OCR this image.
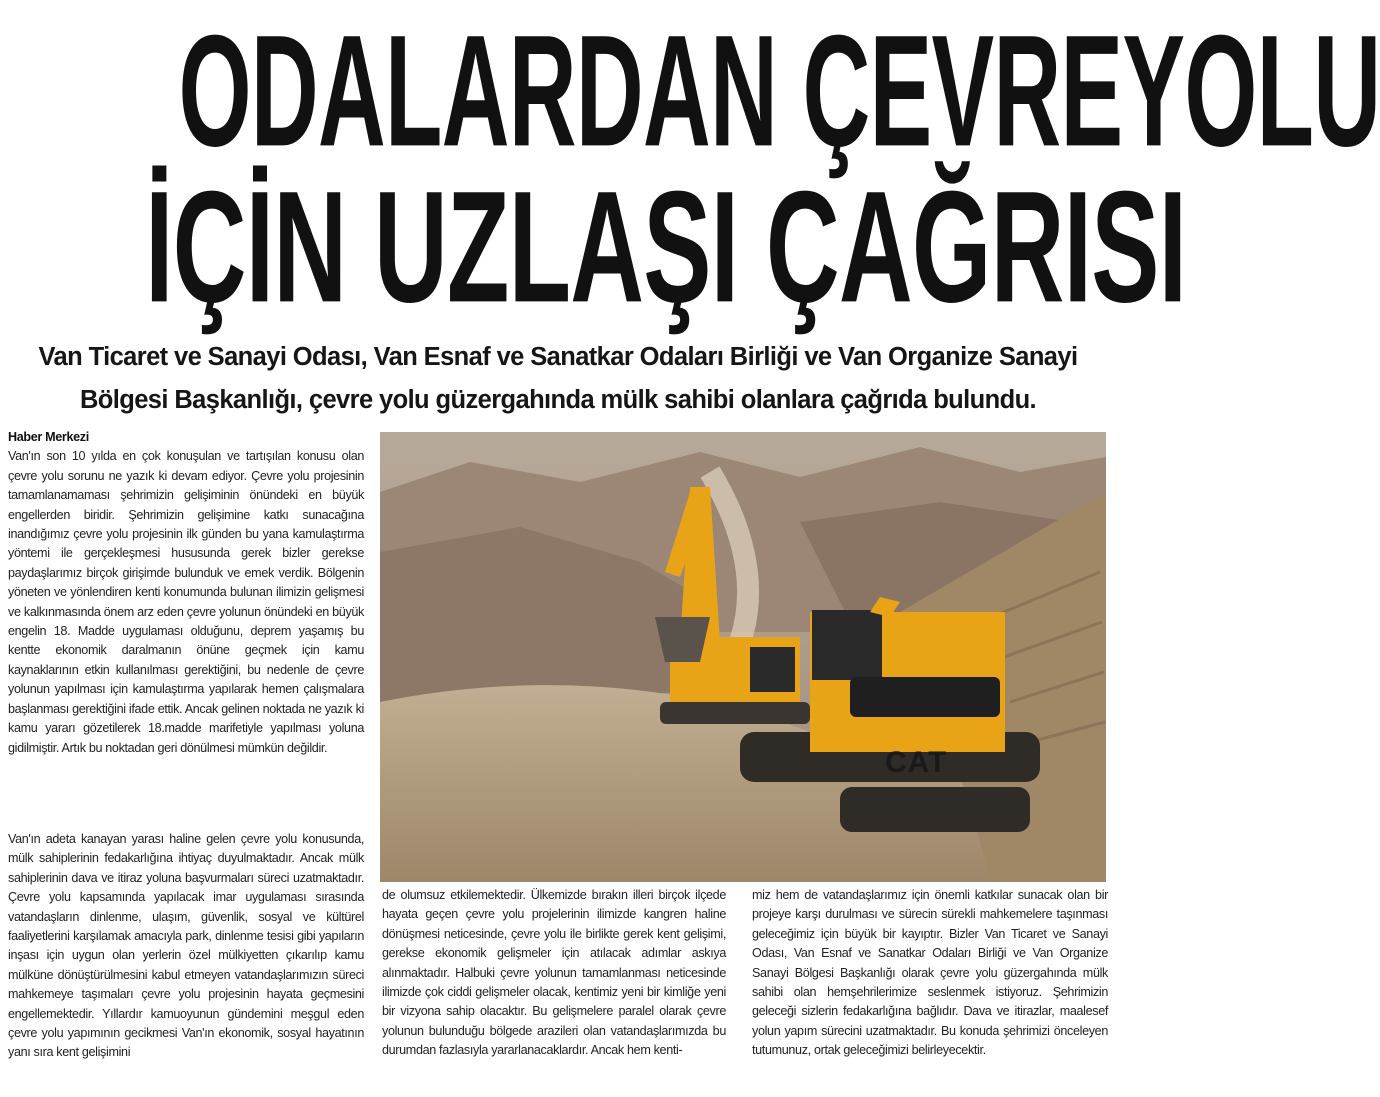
ODALARDAN ÇEVREYOLU
İÇİN UZLAŞI ÇAĞRISI
Van Ticaret ve Sanayi Odası, Van Esnaf ve Sanatkar Odaları Birliği ve Van Organize Sanayi
Bölgesi Başkanlığı, çevre yolu güzergahında mülk sahibi olanlara çağrıda bulundu.
Haber Merkezi

Van'ın son 10 yılda en çok konuşulan ve tartışılan konusu olan çevre yolu sorunu ne yazık ki devam ediyor. Çevre yolu projesinin tamamlanamaması şehrimizin gelişiminin önündeki en büyük engellerden biridir. Şehrimizin gelişimine katkı sunacağına inandığımız çevre yolu projesinin ilk günden bu yana kamulaştırma yöntemi ile gerçekleşmesi hususunda gerek bizler gerekse paydaşlarımız birçok girişimde bulunduk ve emek verdik. Bölgenin yöneten ve yönlendiren kenti konumunda bulunan ilimizin gelişmesi ve kalkınmasında önem arz eden çevre yolunun önündeki en büyük engelin 18. Madde uygulaması olduğunu, deprem yaşamış bu kentte ekonomik daralmanın önüne geçmek için kamu kaynaklarının etkin kullanılması gerektiğini, bu nedenle de çevre yolunun yapılması için kamulaştırma yapılarak hemen çalışmalara başlanması gerektiğini ifade ettik. Ancak gelinen noktada ne yazık ki kamu yararı gözetilerek 18.madde marifetiyle yapılması yoluna gidilmiştir. Artık bu noktadan geri dönülmesi mümkün değildir.

Van'ın adeta kanayan yarası haline gelen çevre yolu konusunda, mülk sahiplerinin fedakarlığına ihtiyaç duyulmaktadır. Ancak mülk sahiplerinin dava ve itiraz yoluna başvurmaları süreci uzatmaktadır. Çevre yolu kapsamında yapılacak imar uygulaması sırasında vatandaşların dinlenme, ulaşım, güvenlik, sosyal ve kültürel faaliyetlerini karşılamak amacıyla park, dinlenme tesisi gibi yapıların inşası için uygun olan yerlerin özel mülkiyetten çıkarılıp kamu mülküne dönüştürülmesini kabul etmeyen vatandaşlarımızın süreci mahkemeye taşımaları çevre yolu projesinin hayata geçmesini engellemektedir. Yıllardır kamuoyunun gündemini meşgul eden çevre yolu yapımının gecikmesi Van'ın ekonomik, sosyal hayatının yanı sıra kent gelişimini

CAT

de olumsuz etkilemektedir. Ülkemizde bırakın illeri birçok ilçede hayata geçen çevre yolu projelerinin ilimizde kangren haline dönüşmesi neticesinde, çevre yolu ile birlikte gerek kent gelişimi, gerekse ekonomik gelişmeler için atılacak adımlar askıya alınmaktadır. Halbuki çevre yolunun tamamlanması neticesinde ilimizde çok ciddi gelişmeler olacak, kentimiz yeni bir kimliğe yeni bir vizyona sahip olacaktır. Bu gelişmelere paralel olarak çevre yolunun bulunduğu bölgede arazileri olan vatandaşlarımızda bu durumdan fazlasıyla yararlanacaklardır. Ancak hem kenti-

miz hem de vatandaşlarımız için önemli katkılar sunacak olan bir projeye karşı durulması ve sürecin sürekli mahkemelere taşınması geleceğimiz için büyük bir kayıptır. Bizler Van Ticaret ve Sanayi Odası, Van Esnaf ve Sanatkar Odaları Birliği ve Van Organize Sanayi Bölgesi Başkanlığı olarak çevre yolu güzergahında mülk sahibi olan hemşehrilerimize seslenmek istiyoruz. Şehrimizin geleceği sizlerin fedakarlığına bağlıdır. Dava ve itirazlar, maalesef yolun yapım sürecini uzatmaktadır. Bu konuda şehrimizi önceleyen tutumunuz, ortak geleceğimizi belirleyecektir.
